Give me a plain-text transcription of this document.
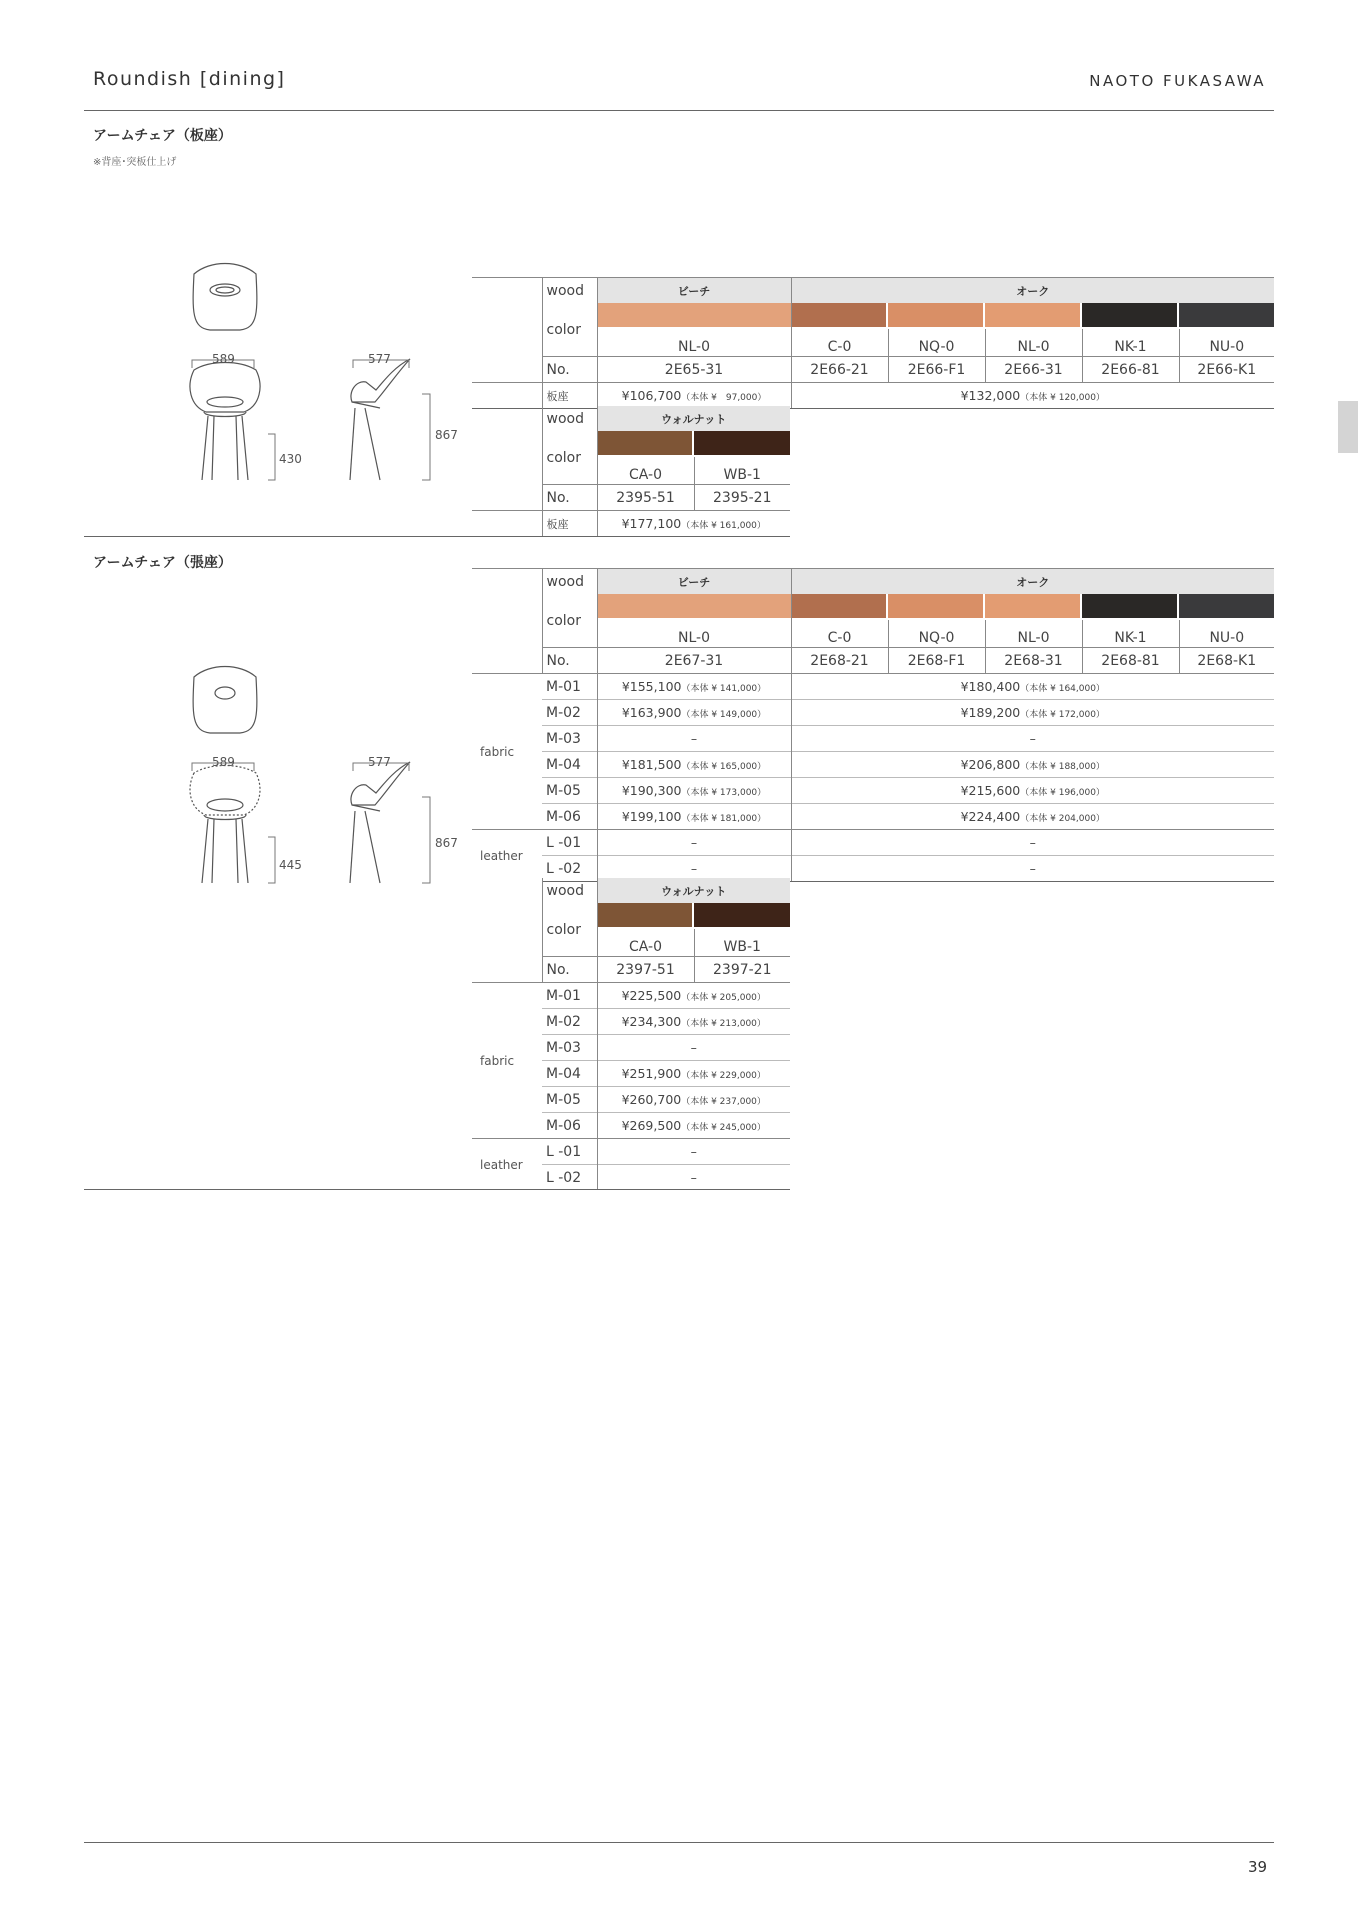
Roundish [dining]	NAOTO FUKASAWA
アームチェア（板座）
※背座･突板仕上げ
589	577
867
430
	wood	ビーチ	オーク				
	color	

		NL-0	C-0	NQ-0	NL-0	NK-1	NU-0
	No.	2E65-31	2E66-21	2E66-F1	2E66-31	2E66-81	2E66-K1
	板座	¥106,700（本体 ¥　97,000）	¥132,000（本体 ¥ 120,000）				
	wood	ウォルナット	
	color	

		CA-0	WB-1
	No.	2395-51	2395-21
	板座	¥177,100（本体 ¥ 161,000）	
アームチェア（張座）
589	577
867
445
	wood	ビーチ	オーク				
	color	

		NL-0	C-0	NQ-0	NL-0	NK-1	NU-0
	No.	2E67-31	2E68-21	2E68-F1	2E68-31	2E68-81	2E68-K1
fabric	M-01	¥155,100（本体 ¥ 141,000）	¥180,400（本体 ¥ 164,000）				
	M-02	¥163,900（本体 ¥ 149,000）	¥189,200（本体 ¥ 172,000）				
	M-03	–	–				
	M-04	¥181,500（本体 ¥ 165,000）	¥206,800（本体 ¥ 188,000）				
	M-05	¥190,300（本体 ¥ 173,000）	¥215,600（本体 ¥ 196,000）				
	M-06	¥199,100（本体 ¥ 181,000）	¥224,400（本体 ¥ 204,000）				
leather	L -01	–	–				
	L -02	–	–				
	wood	ウォルナット	
	color	

		CA-0	WB-1
	No.	2397-51	2397-21
fabric	M-01	¥225,500（本体 ¥ 205,000）	
	M-02	¥234,300（本体 ¥ 213,000）	
	M-03	–	
	M-04	¥251,900（本体 ¥ 229,000）	
	M-05	¥260,700（本体 ¥ 237,000）	
	M-06	¥269,500（本体 ¥ 245,000）	
leather	L -01	–	
	L -02	–	
39
